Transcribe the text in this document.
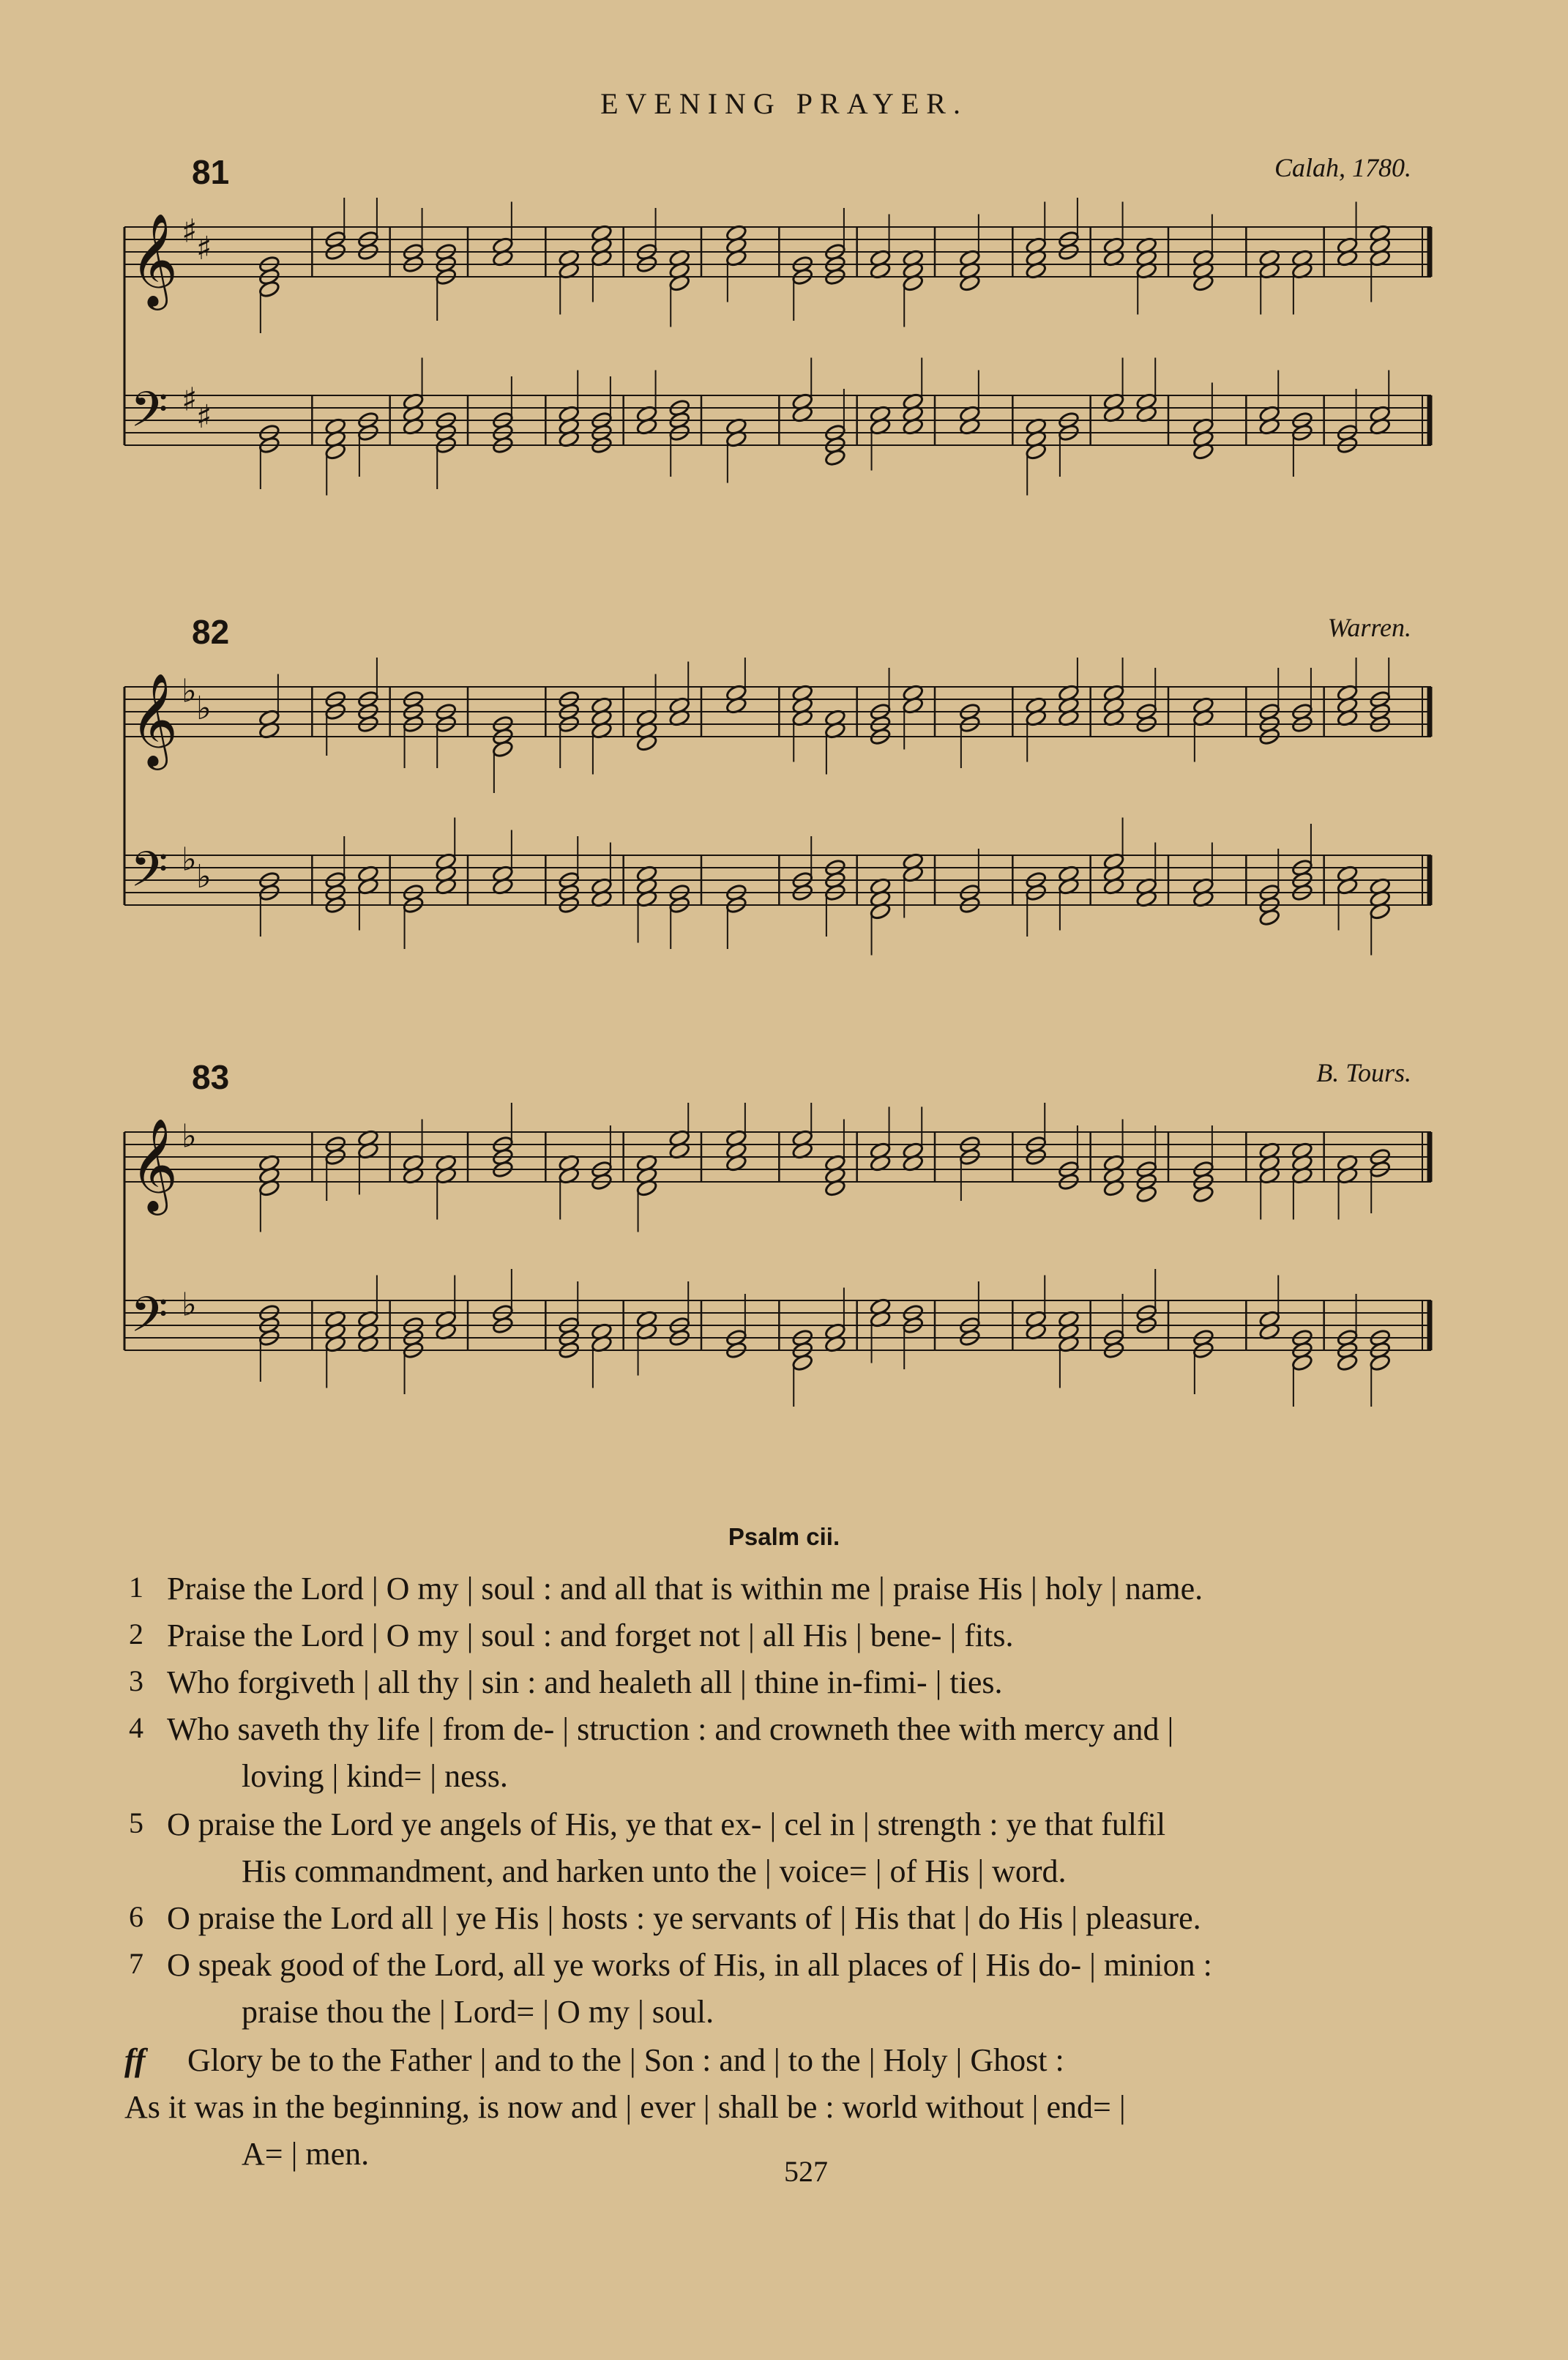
EVENING PRAYER.
81	Calah, 1780.
𝄞 ♯
♯
𝄢 ♯
♯
82	Warren.
𝄞 ♭ ♭
𝄢 ♭ ♭
83	B. Tours.
𝄞 ♭
𝄢 ♭
Psalm cii.
1 Praise the Lord | O my | soul : and all that is within me | praise His | holy | name.
2 Praise the Lord | O my | soul : and forget not | all His | bene- | fits.
3 Who forgiveth | all thy | sin : and healeth all | thine in-fimi- | ties.
4 Who saveth thy life | from de- | struction : and crowneth thee with mercy and |
loving | kind= | ness.
5 O praise the Lord ye angels of His, ye that ex- | cel in | strength : ye that fulfil
His commandment, and harken unto the | voice= | of His | word.
6 O praise the Lord all | ye His | hosts : ye servants of | His that | do His | pleasure.
7 O speak good of the Lord, all ye works of His, in all places of | His do- | minion :
praise thou the | Lord= | O my | soul.
ff Glory be to the Father | and to the | Son : and | to the | Holy | Ghost :
As it was in the beginning, is now and | ever | shall be : world without | end= |
A= | men.	527
